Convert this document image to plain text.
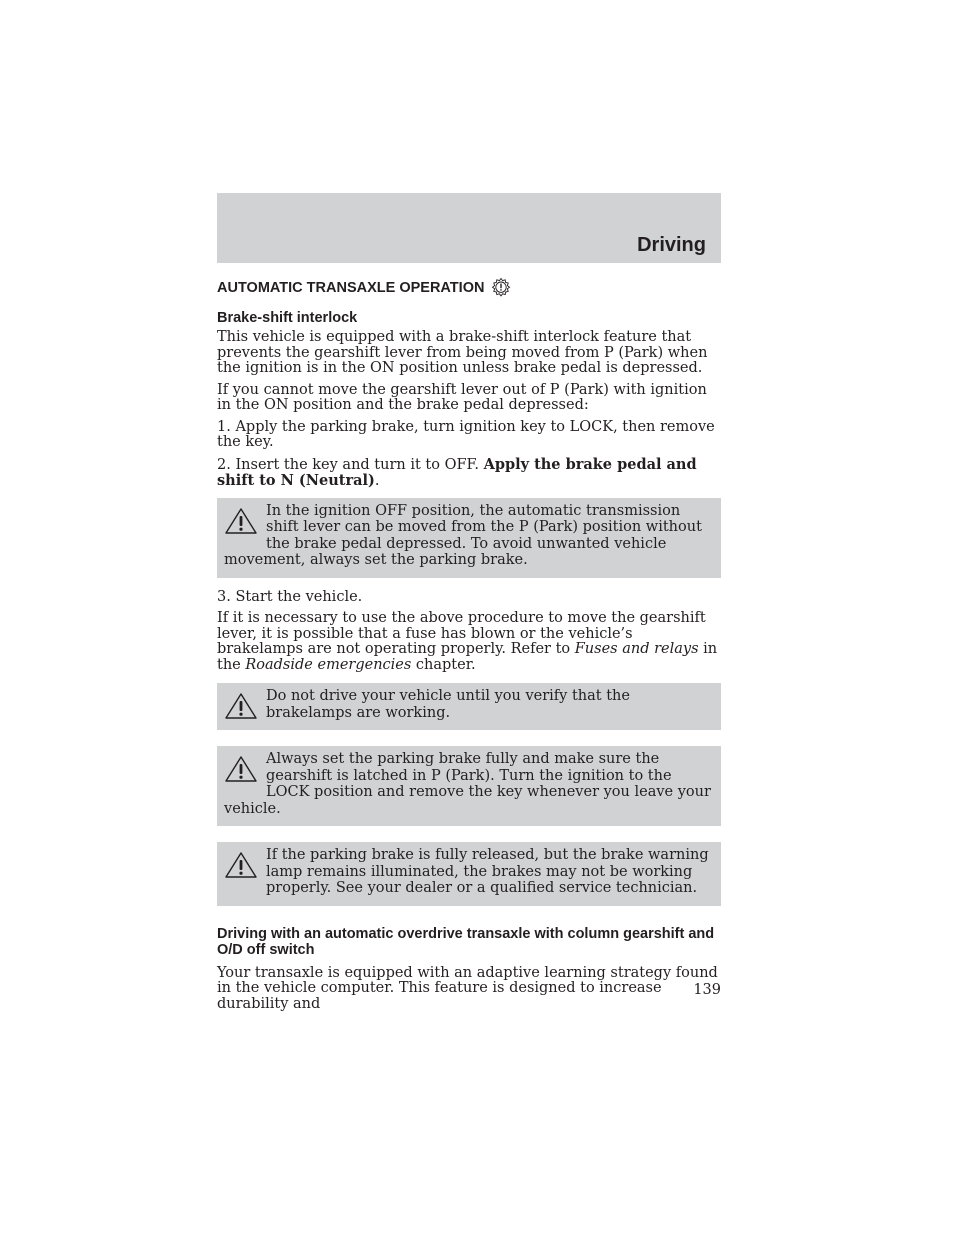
Driving
AUTOMATIC TRANSAXLE OPERATION
Brake-shift interlock

This vehicle is equipped with a brake-shift interlock feature that prevents the gearshift lever from being moved from P (Park) when the ignition is in the ON position unless brake pedal is depressed.

If you cannot move the gearshift lever out of P (Park) with ignition in the ON position and the brake pedal depressed:

1. Apply the parking brake, turn ignition key to LOCK, then remove the key.

2. Insert the key and turn it to OFF. Apply the brake pedal and shift to N (Neutral).

In the ignition OFF position, the automatic transmission shift lever can be moved from the P (Park) position without the brake pedal depressed. To avoid unwanted vehicle movement, always set the parking brake.

3. Start the vehicle.

If it is necessary to use the above procedure to move the gearshift lever, it is possible that a fuse has blown or the vehicle’s brakelamps are not operating properly. Refer to Fuses and relays in the Roadside emergencies chapter.

Do not drive your vehicle until you verify that the brakelamps are working.
Always set the parking brake fully and make sure the gearshift is latched in P (Park). Turn the ignition to the LOCK position and remove the key whenever you leave your vehicle.
If the parking brake is fully released, but the brake warning lamp remains illuminated, the brakes may not be working properly. See your dealer or a qualified service technician.
Driving with an automatic overdrive transaxle with column gearshift and O/D off switch

Your transaxle is equipped with an adaptive learning strategy found in the vehicle computer. This feature is designed to increase durability and

139
